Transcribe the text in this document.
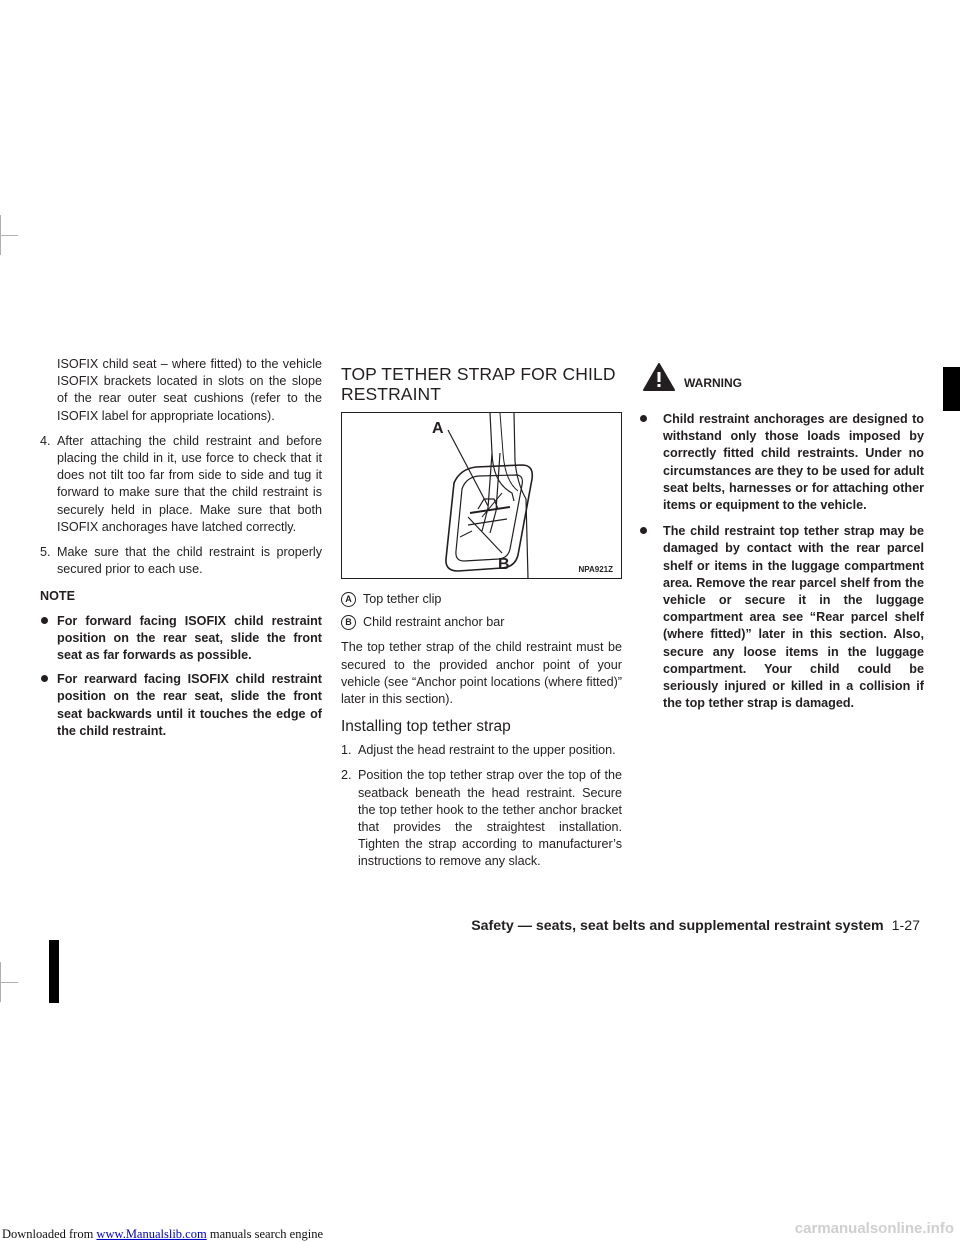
ISOFIX child seat – where fitted) to the vehicle ISOFIX brackets located in slots on the slope of the rear outer seat cushions (refer to the ISOFIX label for appropriate locations).

4. After attaching the child restraint and before placing the child in it, use force to check that it does not tilt too far from side to side and tug it forward to make sure that the child restraint is securely held in place. Make sure that both ISOFIX anchorages have latched correctly.

5. Make sure that the child restraint is properly secured prior to each use.

NOTE

For forward facing ISOFIX child restraint position on the rear seat, slide the front seat as far forwards as possible.

For rearward facing ISOFIX child restraint position on the rear seat, slide the front seat backwards until it touches the edge of the child restraint.

TOP TETHER STRAP FOR CHILD RESTRAINT

A
B	NPA921Z

A Top tether clip

B Child restraint anchor bar

The top tether strap of the child restraint must be secured to the provided anchor point of your vehicle (see “Anchor point locations (where fitted)” later in this section).

Installing top tether strap

1. Adjust the head restraint to the upper position.

2. Position the top tether strap over the top of the seatback beneath the head restraint. Secure the top tether hook to the tether anchor bracket that provides the straightest installation. Tighten the strap according to manufacturer’s instructions to remove any slack.

WARNING

Child restraint anchorages are designed to withstand only those loads imposed by correctly fitted child restraints. Under no circumstances are they to be used for adult seat belts, harnesses or for attaching other items or equipment to the vehicle.

The child restraint top tether strap may be damaged by contact with the rear parcel shelf or items in the luggage compartment area. Remove the rear parcel shelf from the vehicle or secure it in the luggage compartment area see “Rear parcel shelf (where fitted)” later in this section. Also, secure any loose items in the luggage compartment. Your child could be seriously injured or killed in a collision if the top tether strap is damaged.

Safety — seats, seat belts and supplemental restraint system 1-27
Downloaded from www.Manualslib.com manuals search engine	carmanualsonline.info
